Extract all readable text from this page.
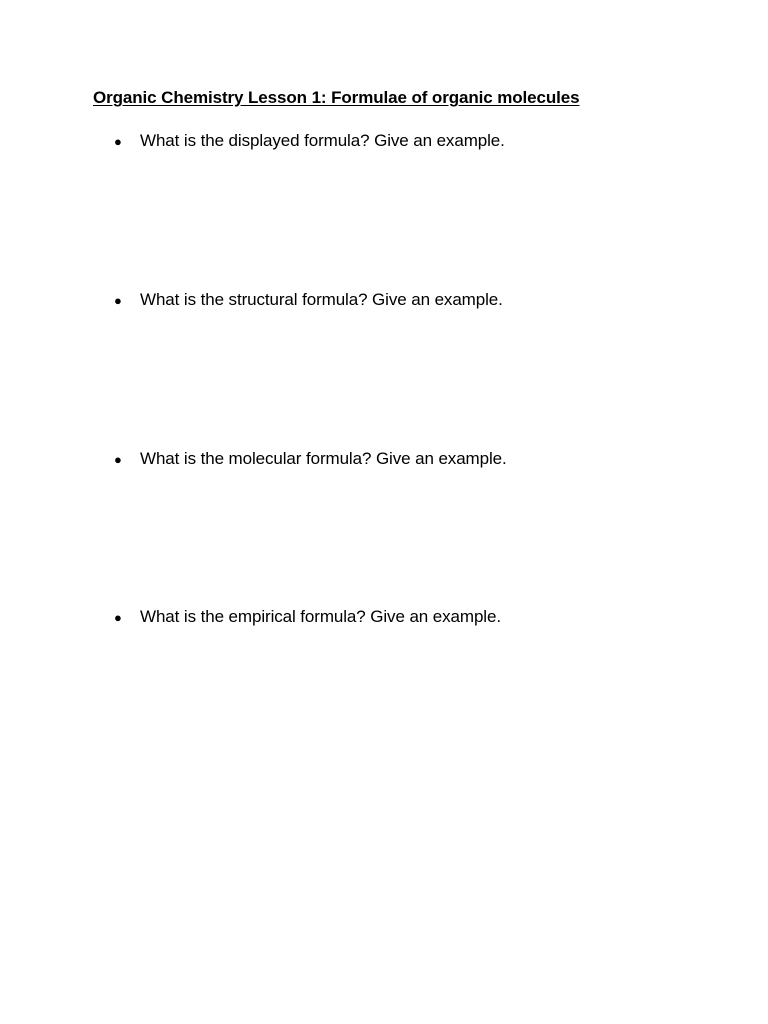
Organic Chemistry Lesson 1: Formulae of organic molecules
●	What is the displayed formula? Give an example.
●	What is the structural formula? Give an example.
●	What is the molecular formula? Give an example.
●	What is the empirical formula? Give an example.
